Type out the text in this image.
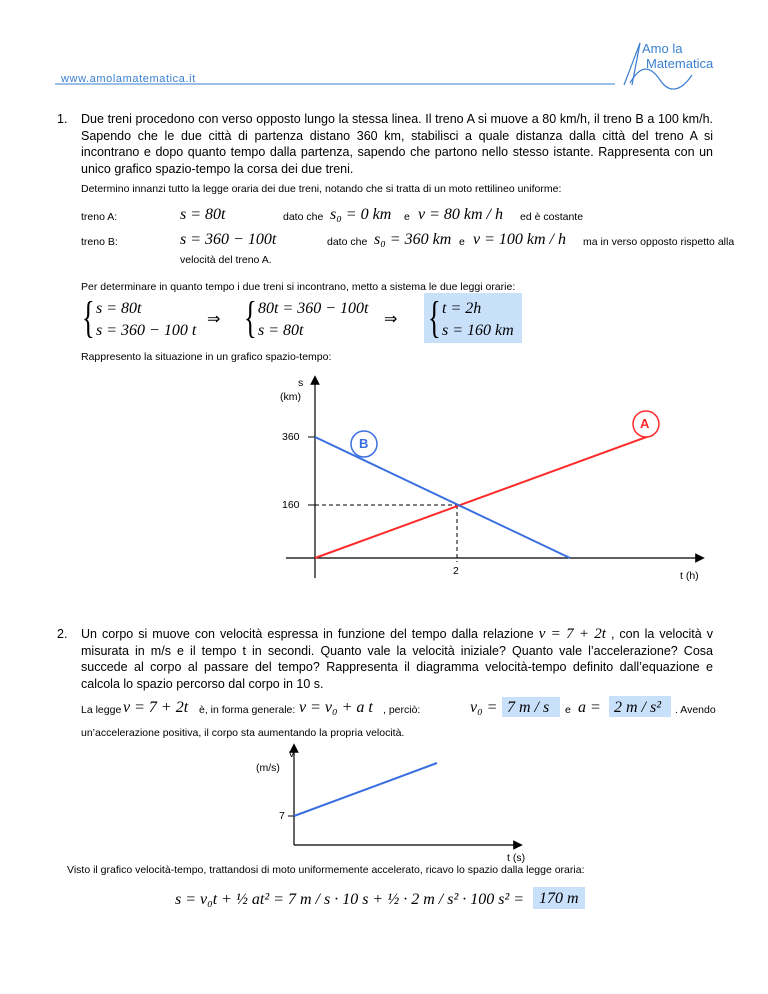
www.amolamatematica.it
Amo la
Matematica
1. Due treni procedono con verso opposto lungo la stessa linea. Il treno A si muove a 80 km/h, il treno B a 100 km/h. Sapendo che le due città di partenza distano 360 km, stabilisci a quale distanza dalla città del treno A si incontrano e dopo quanto tempo dalla partenza, sapendo che partono nello stesso istante. Rappresenta con un unico grafico spazio-tempo la corsa dei due treni.
Determino innanzi tutto la legge oraria dei due treni, notando che si tratta di un moto rettilineo uniforme:
treno A:	s = 80t	dato che s₀ = 0 km e v = 80 km / h ed è costante
treno B:	s = 360 − 100t	dato che s₀ = 360 km e v = 100 km / h ma in verso opposto rispetto alla
velocità del treno A.
Per determinare in quanto tempo i due treni si incontrano, metto a sistema le due leggi orarie:
{ s = 80t
s = 360 − 100 t
⇒ { 80t = 360 − 100t
s = 80t
⇒ { t = 2h
s = 160 km
Rappresento la situazione in un grafico spazio-tempo:
s
(km)
360
160
2	t (h)
A
B
2. Un corpo si muove con velocità espressa in funzione del tempo dalla relazione v = 7 + 2t , con la velocità v misurata in m/s e il tempo t in secondi. Quanto vale la velocità iniziale? Quanto vale l’accelerazione? Cosa succede al corpo al passare del tempo? Rappresenta il diagramma velocità-tempo definito dall’equazione e calcola lo spazio percorso dal corpo in 10 s.
La legge v = 7 + 2t è, in forma generale: v = v₀ + a t , perciò:	v₀ = 7 m / s e a = 2 m / s² . Avendo
un’accelerazione positiva, il corpo sta aumentando la propria velocità.
v
(m/s)
7
t (s)
Visto il grafico velocità-tempo, trattandosi di moto uniformemente accelerato, ricavo lo spazio dalla legge oraria:
s = v₀t + ½ at² = 7 m / s · 10 s + ½ · 2 m / s² · 100 s² = 170 m
